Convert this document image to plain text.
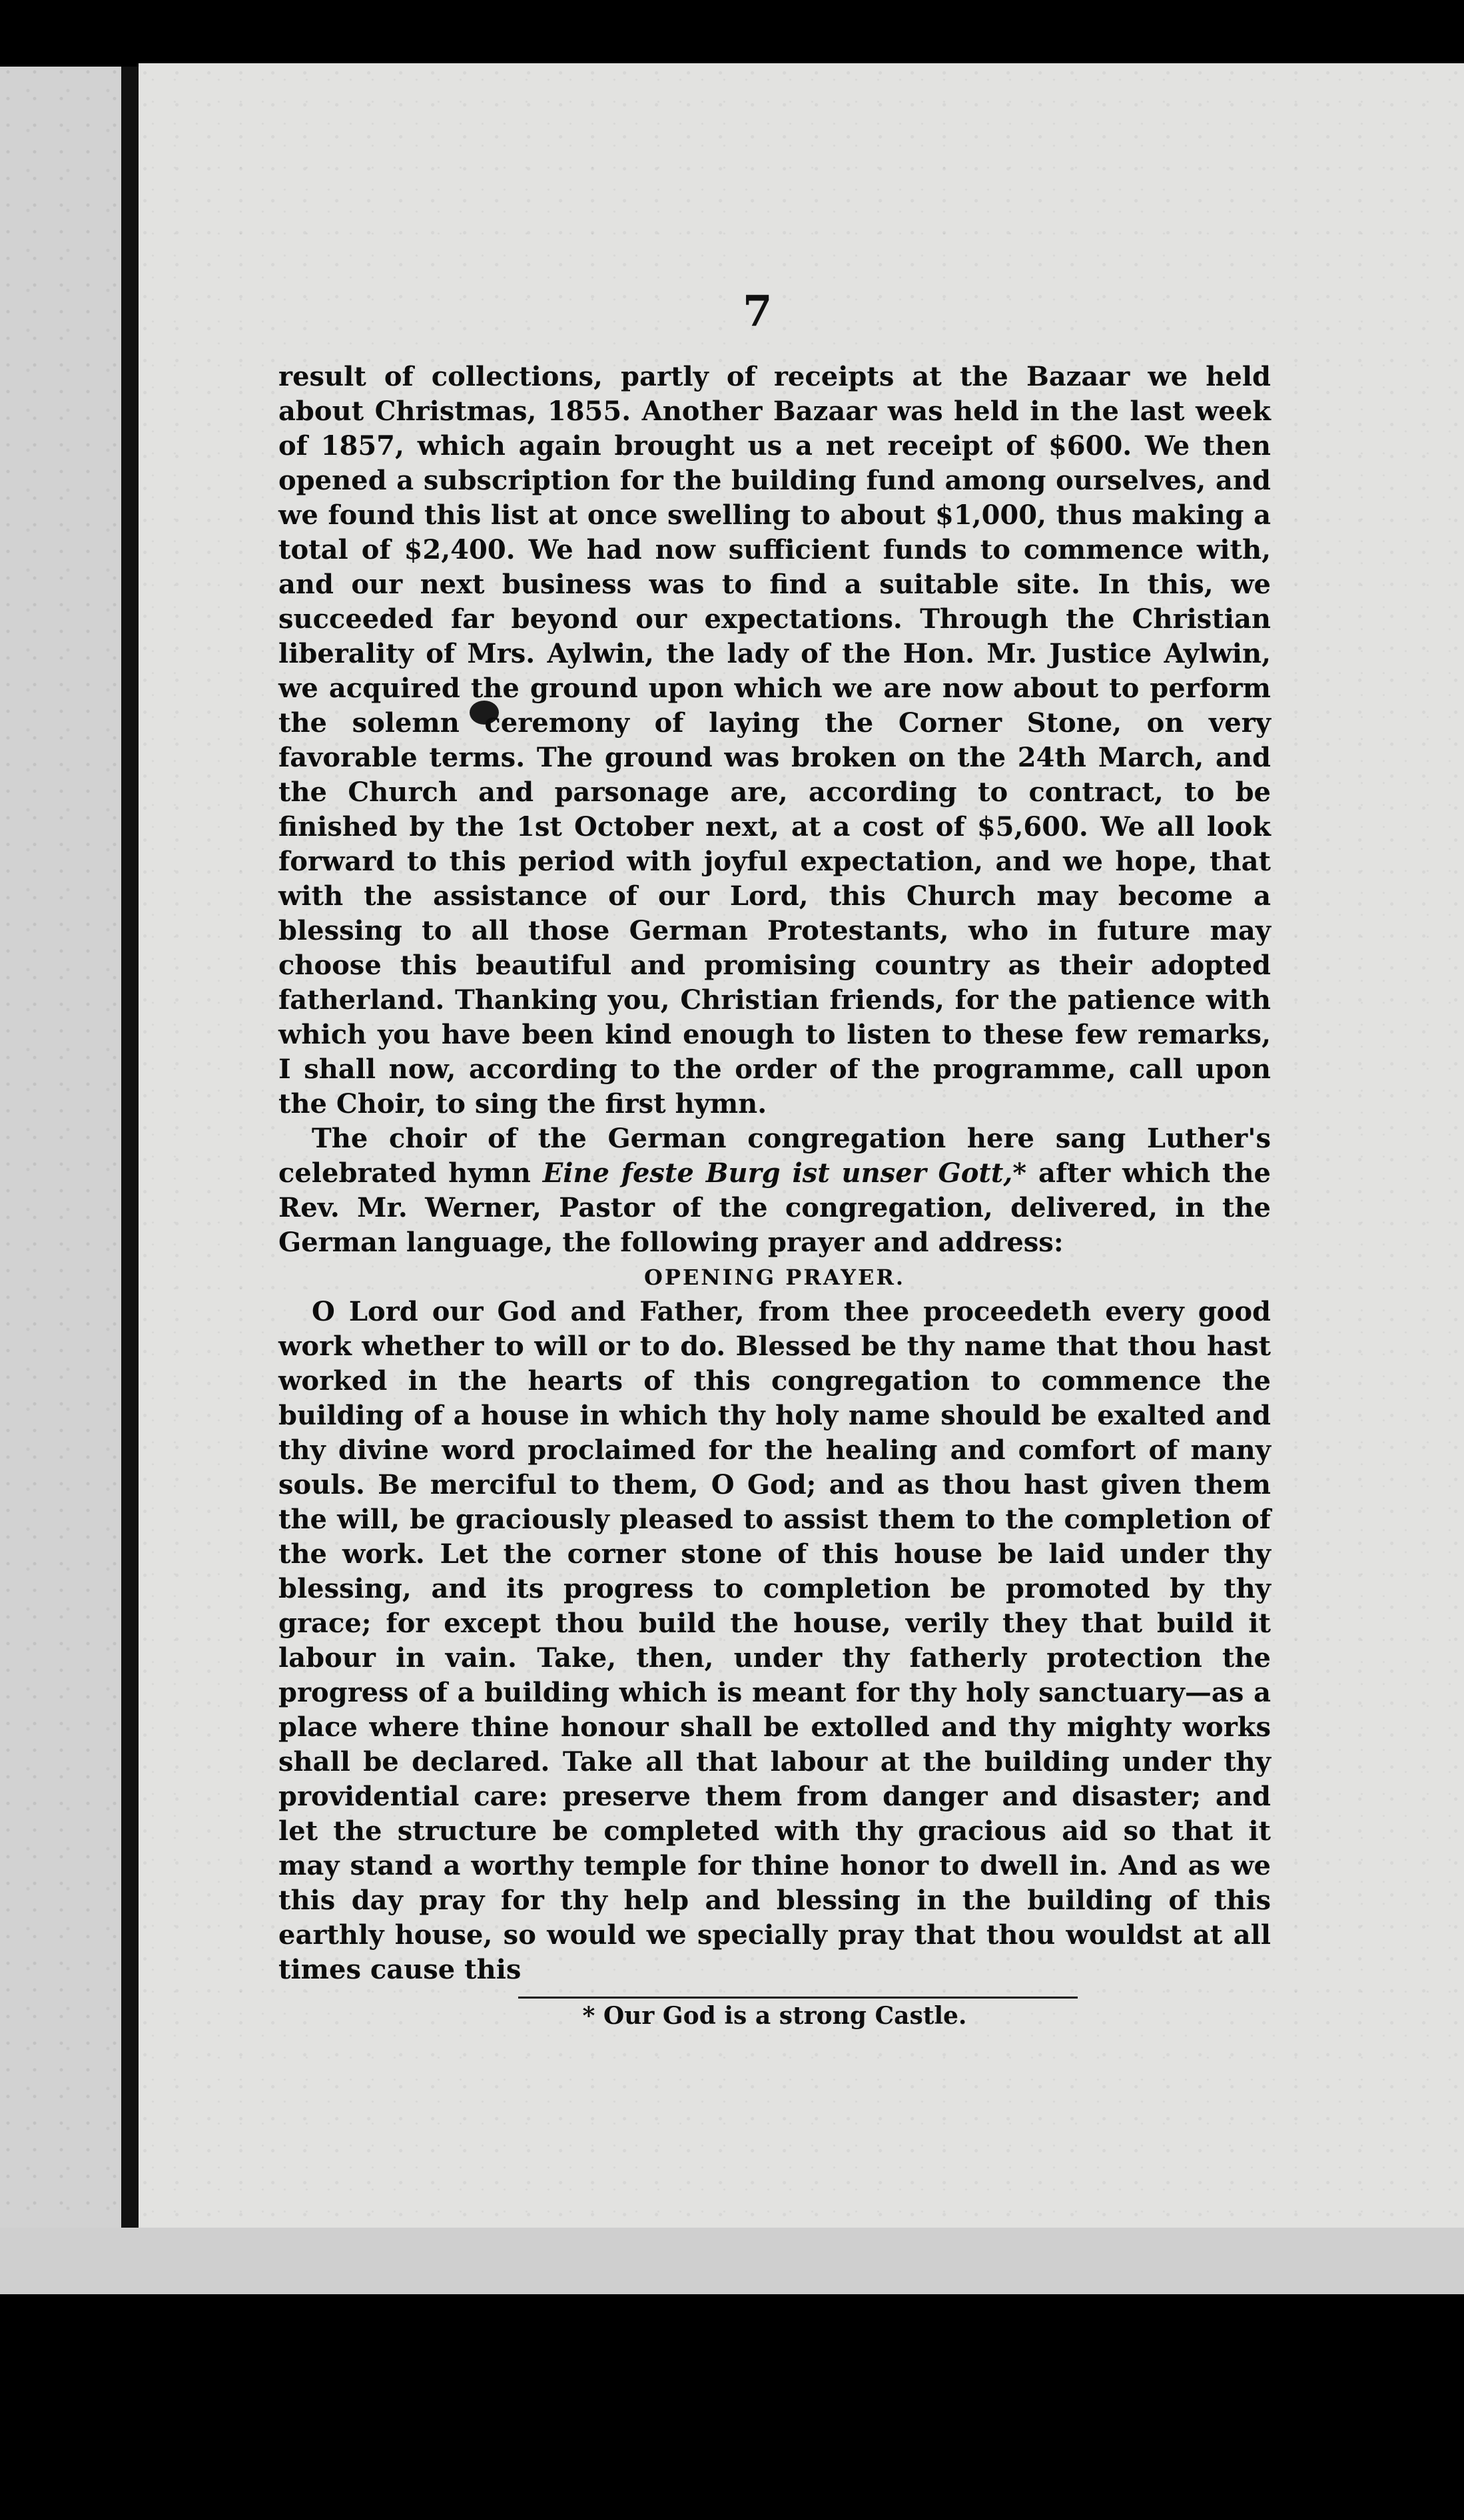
7

result of collections, partly of receipts at the Bazaar we held about Christmas, 1855. Another Bazaar was held in the last week of 1857, which again brought us a net receipt of $600. We then opened a subscription for the building fund among ourselves, and we found this list at once swelling to about $1,000, thus making a total of $2,400. We had now sufficient funds to commence with, and our next business was to find a suitable site. In this, we succeeded far beyond our expectations. Through the Christian liberality of Mrs. Aylwin, the lady of the Hon. Mr. Justice Aylwin, we acquired the ground upon which we are now about to perform the solemn ceremony of laying the Corner Stone, on very favorable terms. The ground was broken on the 24th March, and the Church and parsonage are, according to contract, to be finished by the 1st October next, at a cost of $5,600. We all look forward to this period with joyful expectation, and we hope, that with the assistance of our Lord, this Church may become a blessing to all those German Protestants, who in future may choose this beautiful and promising country as their adopted fatherland. Thanking you, Christian friends, for the patience with which you have been kind enough to listen to these few remarks, I shall now, according to the order of the programme, call upon the Choir, to sing the first hymn.

The choir of the German congregation here sang Luther's celebrated hymn Eine feste Burg ist unser Gott,* after which the Rev. Mr. Werner, Pastor of the congregation, delivered, in the German language, the following prayer and address:

OPENING PRAYER.

O Lord our God and Father, from thee proceedeth every good work whether to will or to do. Blessed be thy name that thou hast worked in the hearts of this congregation to commence the building of a house in which thy holy name should be exalted and thy divine word proclaimed for the healing and comfort of many souls. Be merciful to them, O God; and as thou hast given them the will, be graciously pleased to assist them to the completion of the work. Let the corner stone of this house be laid under thy blessing, and its progress to completion be promoted by thy grace; for except thou build the house, verily they that build it labour in vain. Take, then, under thy fatherly protection the progress of a building which is meant for thy holy sanctuary—as a place where thine honour shall be extolled and thy mighty works shall be declared. Take all that labour at the building under thy providential care: preserve them from danger and disaster; and let the structure be completed with thy gracious aid so that it may stand a worthy temple for thine honor to dwell in. And as we this day pray for thy help and blessing in the building of this earthly house, so would we specially pray that thou wouldst at all times cause this

* Our God is a strong Castle.
